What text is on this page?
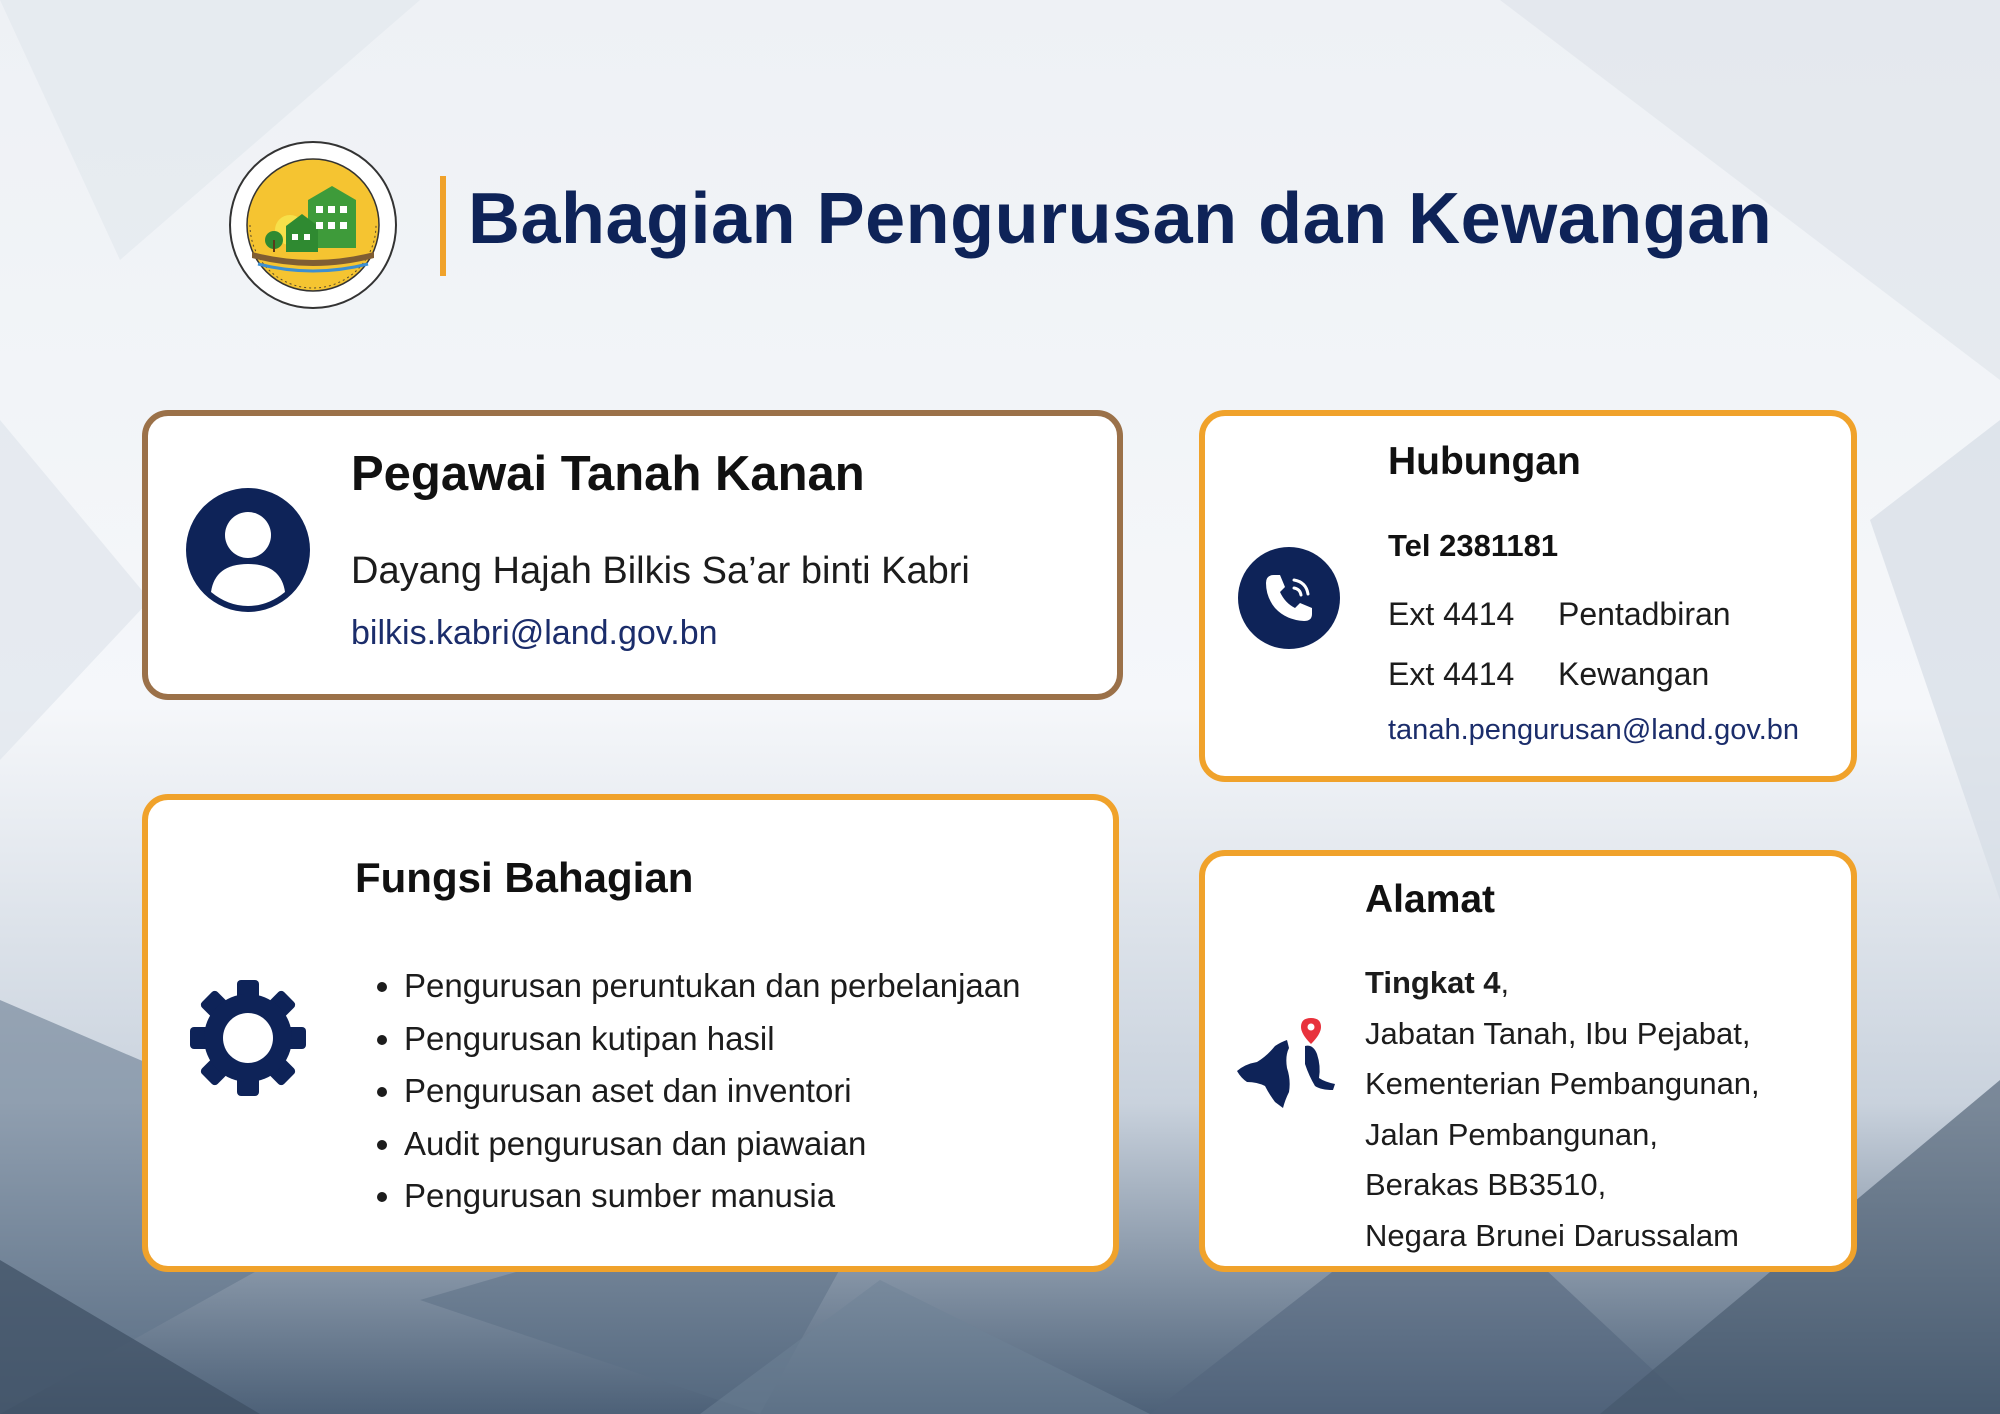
Bahagian Pengurusan dan Kewangan
Pegawai Tanah Kanan
Dayang Hajah Bilkis Sa’ar binti Kabri
bilkis.kabri@land.gov.bn
Hubungan
Tel 2381181
Ext 4414 Pentadbiran
Ext 4414 Kewangan
tanah.pengurusan@land.gov.bn
Fungsi Bahagian
• Pengurusan peruntukan dan perbelanjaan
• Pengurusan kutipan hasil
• Pengurusan aset dan inventori
• Audit pengurusan dan piawaian
• Pengurusan sumber manusia
Alamat
Tingkat 4,
Jabatan Tanah, Ibu Pejabat,
Kementerian Pembangunan,
Jalan Pembangunan,
Berakas BB3510,
Negara Brunei Darussalam
